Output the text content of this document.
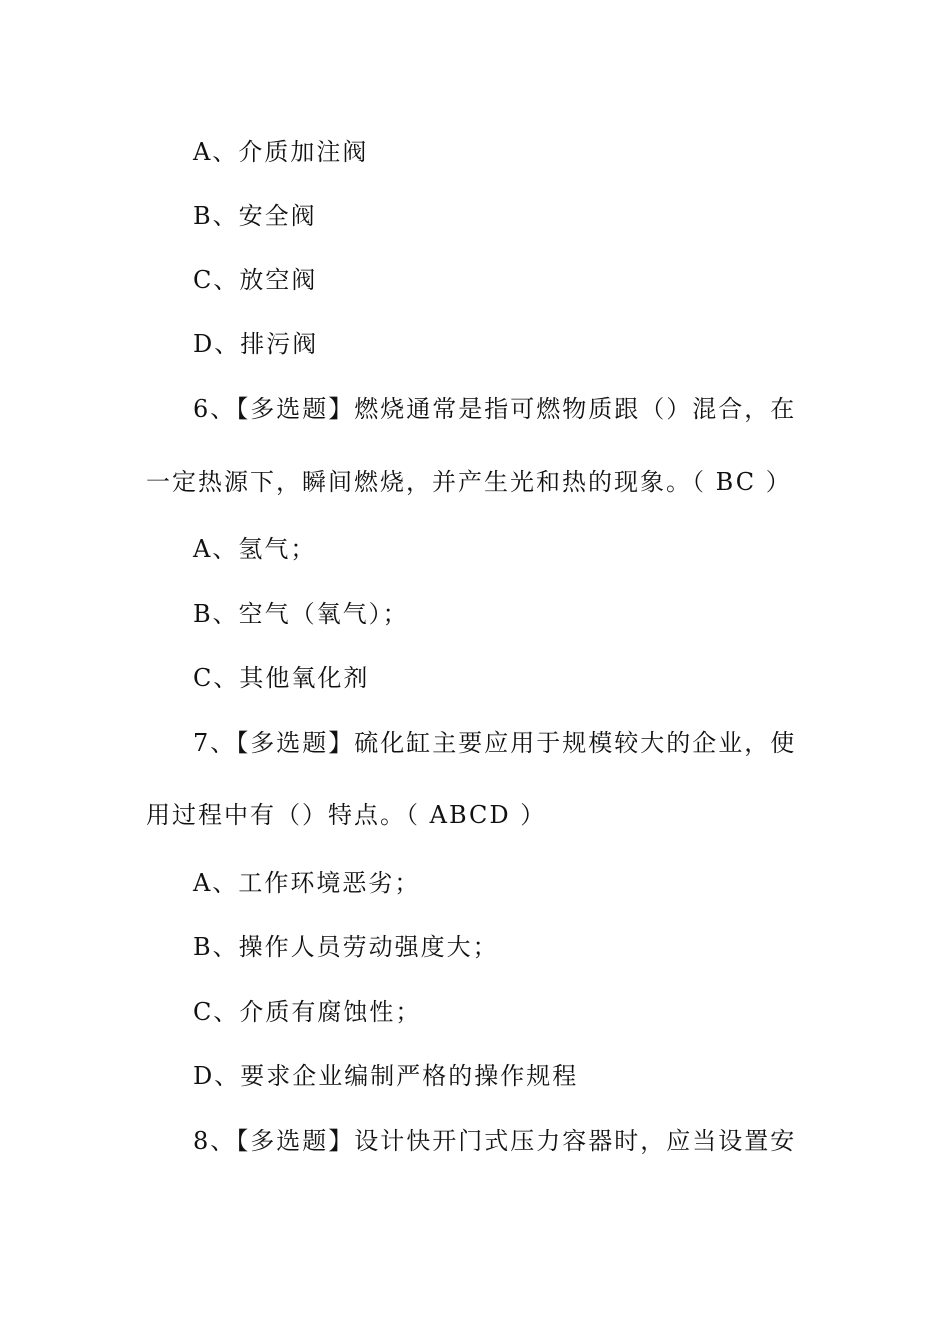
A、介质加注阀
B、安全阀
C、放空阀
D、排污阀
6、【多选题】燃烧通常是指可燃物质跟（）混合，在
一定热源下，瞬间燃烧，并产生光和热的现象。（ BC ）
A、氢气；
B、空气（氧气）；
C、其他氧化剂
7、【多选题】硫化缸主要应用于规模较大的企业，使
用过程中有（）特点。（ ABCD ）
A、工作环境恶劣；
B、操作人员劳动强度大；
C、介质有腐蚀性；
D、要求企业编制严格的操作规程
8、【多选题】设计快开门式压力容器时，应当设置安
